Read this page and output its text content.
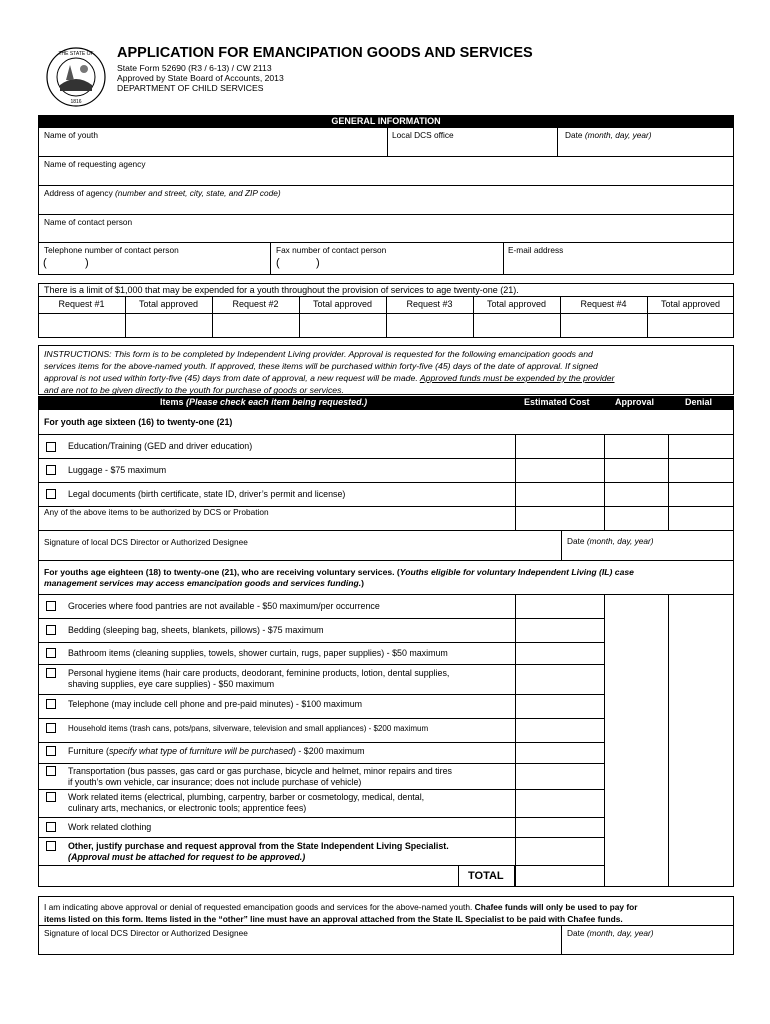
THE STATE OF
1816
APPLICATION FOR EMANCIPATION GOODS AND SERVICES
State Form 52690 (R3 / 6-13) / CW 2113
Approved by State Board of Accounts, 2013
DEPARTMENT OF CHILD SERVICES
GENERAL INFORMATION
Name of youth	Local DCS office	Date (month, day, year)
Name of requesting agency
Address of agency (number and street, city, state, and ZIP code)
Name of contact person
Telephone number of contact person	Fax number of contact person	E-mail address
(	)	(	)
There is a limit of $1,000 that may be expended for a youth throughout the provision of services to age twenty-one (21).
Request #1	Total approved	Request #2	Total approved	Request #3	Total approved	Request #4	Total approved
INSTRUCTIONS: This form is to be completed by Independent Living provider. Approval is requested for the following emancipation goods and
services items for the above-named youth. If approved, these items will be purchased within forty-five (45) days of the date of approval. If signed
approval is not used within forty-five (45) days from date of approval, a new request will be made. Approved funds must be expended by the provider
and are not to be given directly to the youth for purchase of goods or services.
Items (Please check each item being requested.)	Estimated Cost	Approval	Denial
For youth age sixteen (16) to twenty-one (21)
Education/Training (GED and driver education)
Luggage - $75 maximum
Legal documents (birth certificate, state ID, driver’s permit and license)
Any of the above items to be authorized by DCS or Probation
Signature of local DCS Director or Authorized Designee	Date (month, day, year)
For youths age eighteen (18) to twenty-one (21), who are receiving voluntary services. (Youths eligible for voluntary Independent Living (IL) case
management services may access emancipation goods and services funding.)
Groceries where food pantries are not available - $50 maximum/per occurrence
Bedding (sleeping bag, sheets, blankets, pillows) - $75 maximum
Bathroom items (cleaning supplies, towels, shower curtain, rugs, paper supplies) - $50 maximum
Personal hygiene items (hair care products, deodorant, feminine products, lotion, dental supplies,
shaving supplies, eye care supplies) - $50 maximum
Telephone (may include cell phone and pre-paid minutes) - $100 maximum
Household items (trash cans, pots/pans, silverware, television and small appliances) - $200 maximum
Furniture (specify what type of furniture will be purchased) - $200 maximum
Transportation (bus passes, gas card or gas purchase, bicycle and helmet, minor repairs and tires
if youth’s own vehicle, car insurance; does not include purchase of vehicle)
Work related items (electrical, plumbing, carpentry, barber or cosmetology, medical, dental,
culinary arts, mechanics, or electronic tools; apprentice fees)
Work related clothing
Other, justify purchase and request approval from the State Independent Living Specialist.
(Approval must be attached for request to be approved.)
TOTAL
I am indicating above approval or denial of requested emancipation goods and services for the above-named youth. Chafee funds will only be used to pay for
items listed on this form. Items listed in the “other” line must have an approval attached from the State IL Specialist to be paid with Chafee funds.
Signature of local DCS Director or Authorized Designee	Date (month, day, year)
